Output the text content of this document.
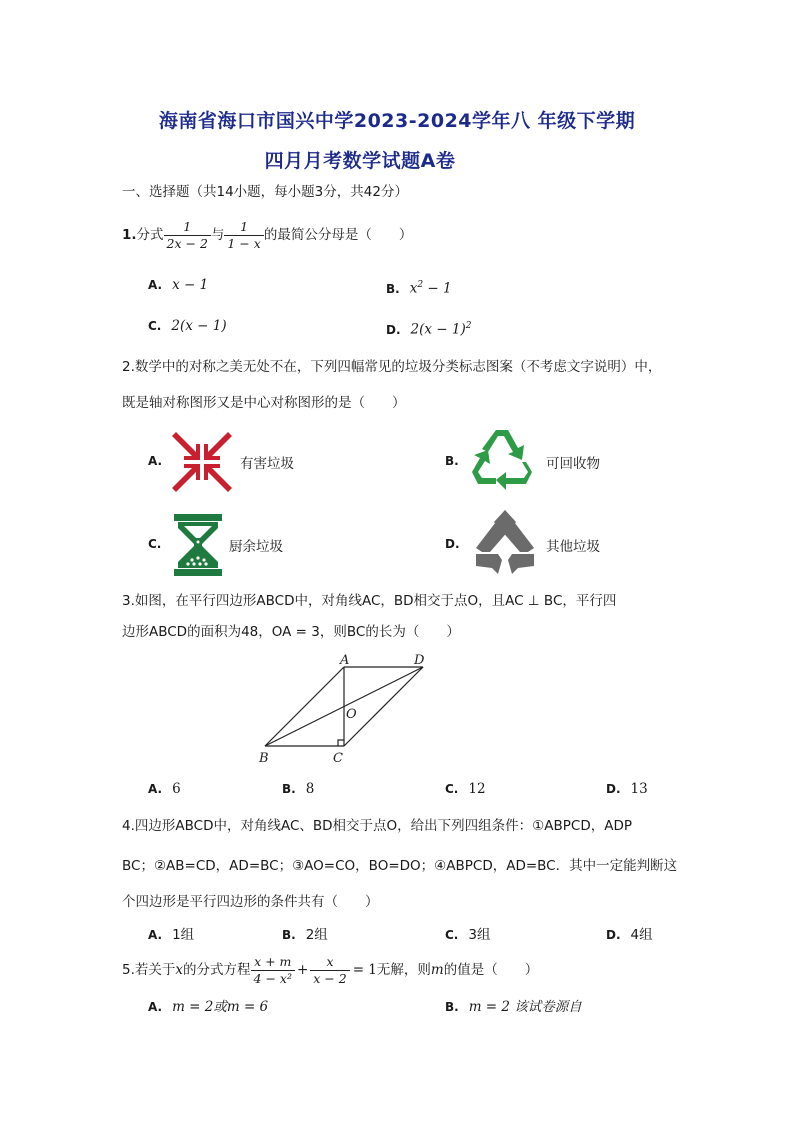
海南省海口市国兴中学2023-2024学年八 年级下学期
四月月考数学试题A卷
一、选择题（共14小题，每小题3分，共42分）
1. 分式 $\frac{1}{2x - 2}$ 与 $\frac{1}{1 - x}$ 的最简公分母是（　　）
A. x − 1	B. $x^2 - 1$
C. 2(x − 1)	D. $2(x - 1)^2$
2.数学中的对称之美无处不在，下列四幅常见的垃圾分类标志图案（不考虑文字说明）中，
既是轴对称图形又是中心对称图形的是（　　）
A.	有害垃圾	B.	可回收物
C.	厨余垃圾	D.	其他垃圾
3.如图，在平行四边形ABCD中，对角线AC，BD相交于点O，且AC ⊥ BC，平行四
边形ABCD的面积为48，OA = 3，则BC的长为（　　）
A	D
B	C
O
A. 6	B. 8	C. 12	D. 13
4.四边形ABCD中，对角线AC、BD相交于点O，给出下列四组条件：①ABPCD，ADP
BC；②AB=CD，AD=BC；③AO=CO，BO=DO；④ABPCD，AD=BC．其中一定能判断这
个四边形是平行四边形的条件共有（　　）
A. 1组	B. 2组	C. 3组	D. 4组
5.若关于 x 的分式方程 $\frac{x + m}{\text{4 − x²}} + \frac{x}{x - 2} = 1$ 无解，则 m 的值是（　　）
A. m = 2或m = 6	B. m = 2 该试卷源自
